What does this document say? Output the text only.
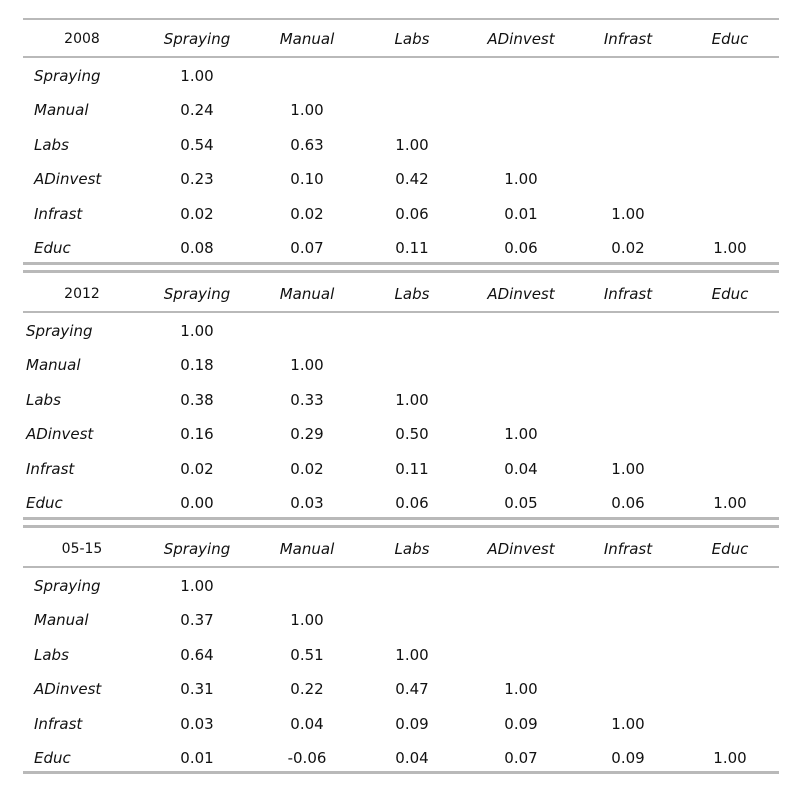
2008	Spraying	Manual	Labs	ADinvest	Infrast	Educ
Spraying	1.00
Manual	0.24	1.00
Labs	0.54	0.63	1.00
ADinvest	0.23	0.10	0.42	1.00
Infrast	0.02	0.02	0.06	0.01	1.00
Educ	0.08	0.07	0.11	0.06	0.02	1.00
2012	Spraying	Manual	Labs	ADinvest	Infrast	Educ
Spraying	1.00
Manual	0.18	1.00
Labs	0.38	0.33	1.00
ADinvest	0.16	0.29	0.50	1.00
Infrast	0.02	0.02	0.11	0.04	1.00
Educ	0.00	0.03	0.06	0.05	0.06	1.00
05-15	Spraying	Manual	Labs	ADinvest	Infrast	Educ
Spraying	1.00
Manual	0.37	1.00
Labs	0.64	0.51	1.00
ADinvest	0.31	0.22	0.47	1.00
Infrast	0.03	0.04	0.09	0.09	1.00
Educ	0.01	-0.06	0.04	0.07	0.09	1.00
